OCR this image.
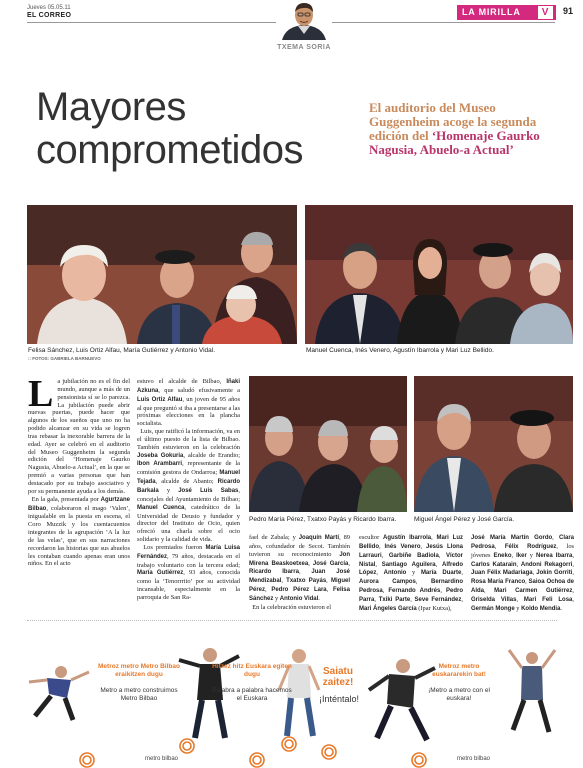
Jueves 05.05.11
EL CORREO
TXEMA SORIA
LA MIRILLA	V	91
Mayores
comprometidos
El auditorio del Museo Guggenheim acoge la segunda edición del ‘Homenaje Gaurko Nagusia, Abuelo-a Actual’
Felisa Sánchez, Luis Ortiz Alfau, María Gutiérrez y Antonio Vidal.
:: FOTOS: GABRIELA BARNUEVO
Manuel Cuenca, Inés Venero, Agustín Ibarrola y Mari Luz Bellido.
Pedro María Pérez, Txatxo Payás y Ricardo Ibarra.	Miguel Ángel Pérez y José García.
La jubilación no es el fin del mundo, aunque a más de un pensionista sí se lo parezca. La jubilación puede abrir nuevas puertas, puede hacer que algunos de los sueños que uno no ha podido alcanzar en su vida se logren tras rebasar la inexorable barrera de la edad. Ayer se celebró en el auditorio del Museo Guggenheim la segunda edición del ‘Homenaje Gaurko Nagusia, Abuelo-a Actual’, en la que se premió a varias personas que han destacado por su trabajo asociativo y por su permanente ayuda a los demás.
En la gala, presentada por Agurtzane Bilbao, colaboraron el mago ‘Valen’, inigualable en la puesta en escena, el Coro Muzzik y los cuentacuentos integrantes de la agrupación ‘A la luz de las velas’, que en sus narraciones recordaron las historias que sus abuelos les contaban cuando apenas eran unos niños. En el acto
estuvo el alcalde de Bilbao, Iñaki Azkuna, que saludó efusivamente a Luis Ortiz Alfau, un joven de 95 años al que preguntó si iba a presentarse a las próximas elecciones en la plancha socialista.
Luis, que ratificó la información, va en el último puesto de la lista de Bilbao. También estuvieron en la celebración Joseba Gokuria, alcalde de Erandio; Ibon Arambarri, representante de la comisión gestora de Ondarroa; Manuel Tejada, alcalde de Abanto; Ricardo Barkala y José Luis Sabas, concejales del Ayuntamiento de Bilbao; Manuel Cuenca, catedrático de la Universidad de Deusto y fundador y director del Instituto de Ocio, quien ofreció una charla sobre el ocio solidario y la calidad de vida.
Los premiados fueron María Luisa Fernández, 79 años, destacada en el trabajo voluntario con la tercera edad; María Gutiérrez, 93 años, conocida como la ‘Tenorrrito’ por su actividad incansable, especialmente en la parroquia de San Ra-
fael de Zabala; y Joaquín Martí, 89 años, cofundador de Secot. También tuvieron su reconocimiento Jon Mirena Beaskoetxea, José García, Ricardo Ibarra, Juan José Mendizabal, Txatxo Payás, Miguel Pérez, Pedro Pérez Lara, Felisa Sánchez y Antonio Vidal.
En la celebración estuvieron el
escultor Agustín Ibarrola, Mari Luz Bellido, Inés Venero, Jesús Llona Larrauri, Garbiñe Badiola, Víctor Nistal, Santiago Aguilera, Alfredo López, Antonio y María Duarte, Aurora Campos, Bernardino Pedrosa, Fernando Andrés, Pedro Parra, Txiki Parte, Seve Fernández, Mari Ángeles García (Ipar Kutxa),
José María Martín Gordo, Clara Pedrosa, Félix Rodríguez, los jóvenes Eneko, Iker y Nerea Ibarra, Carlos Katarain, Andoni Rekagorri, Juan Félix Madariaga, Jokin Gorriti, Rosa María Franco, Saioa Ochoa de Alda, Mari Carmen Gutiérrez, Griselda Villas, Mari Feli Losa, Germán Monge y Koldo Mendia.
Metroz metro Metro Bilbao eraikitzen dugu
Metro a metro construimos Metro Bilbao
Hitzez hitz Euskara egiten dugu
Palabra a palabra hacemos el Euskara
Saiatu zaitez!
¡Inténtalo!
Metroz metro euskararekin bat!
¡Metro a metro con el euskara!
metro bilbao	metro bilbao
